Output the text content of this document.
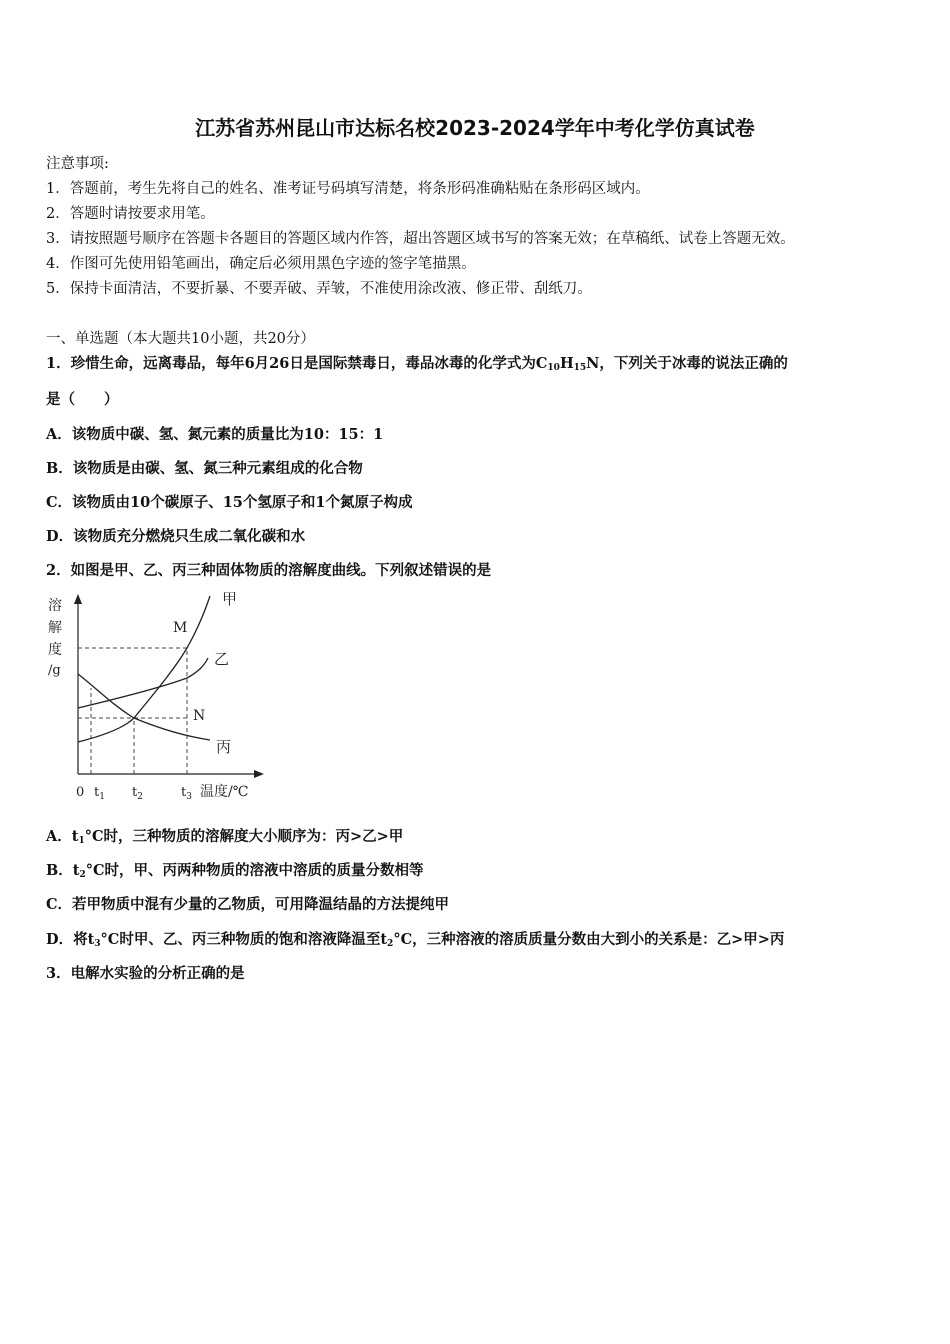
江苏省苏州昆山市达标名校2023-2024学年中考化学仿真试卷
注意事项:
1．答题前，考生先将自己的姓名、准考证号码填写清楚，将条形码准确粘贴在条形码区域内。
2．答题时请按要求用笔。
3．请按照题号顺序在答题卡各题目的答题区域内作答，超出答题区域书写的答案无效；在草稿纸、试卷上答题无效。
4．作图可先使用铅笔画出，确定后必须用黑色字迹的签字笔描黑。
5．保持卡面清洁，不要折暴、不要弄破、弄皱，不准使用涂改液、修正带、刮纸刀。
一、单选题（本大题共10小题，共20分）
1．珍惜生命，远离毒品，每年6月26日是国际禁毒日，毒品冰毒的化学式为$C_{10}H_{15}N$，下列关于冰毒的说法正确的
是（　　）
A．该物质中碳、氢、氮元素的质量比为10：15：1
B．该物质是由碳、氢、氮三种元素组成的化合物
C．该物质由10个碳原子、15个氢原子和1个氮原子构成
D．该物质充分燃烧只生成二氧化碳和水
2．如图是甲、乙、丙三种固体物质的溶解度曲线。下列叙述错误的是
溶
解
度
/g
甲
乙
丙
M
N
0 $t_1$ $t_2$	$t_3$ 温度/℃
A．$t_1^\circ C$时，三种物质的溶解度大小顺序为：丙>乙>甲
B．$t_2^\circ C$时，甲、丙两种物质的溶液中溶质的质量分数相等
C．若甲物质中混有少量的乙物质，可用降温结晶的方法提纯甲
D．将$t_3^\circ C$时甲、乙、丙三种物质的饱和溶液降温至$t_2^\circ C$，三种溶液的溶质质量分数由大到小的关系是：乙>甲>丙
3．电解水实验的分析正确的是
